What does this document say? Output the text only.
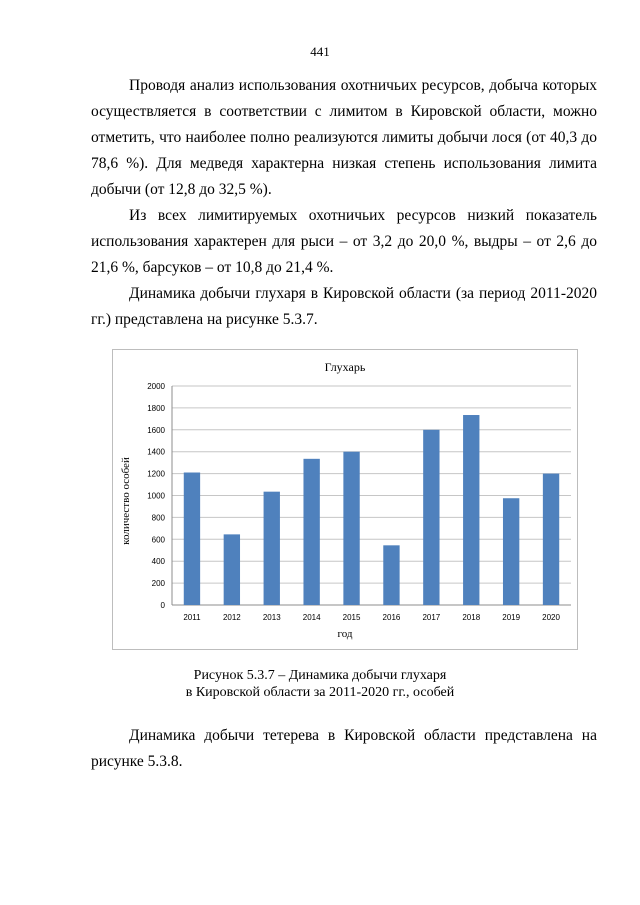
441

Проводя анализ использования охотничьих ресурсов, добыча которых осуществляется в соответствии с лимитом в Кировской области, можно отметить, что наиболее полно реализуются лимиты добычи лося (от 40,3 до 78,6 %). Для медведя характерна низкая степень использования лимита добычи (от 12,8 до 32,5 %).

Из всех лимитируемых охотничьих ресурсов низкий показатель использования характерен для рыси – от 3,2 до 20,0 %, выдры – от 2,6 до 21,6 %, барсуков – от 10,8 до 21,4 %.

Динамика добычи глухаря в Кировской области (за период 2011-2020 гг.) представлена на рисунке 5.3.7.

Глухарь
0
200
400
600
800
1000
1200
1400
1600
1800
2000
2011	2012	2013	2014	2015	2016	2017	2018	2019	2020
год
количество особей
Рисунок 5.3.7 – Динамика добычи глухаря
в Кировской области за 2011-2020 гг., особей

Динамика добычи тетерева в Кировской области представлена на рисунке 5.3.8.
